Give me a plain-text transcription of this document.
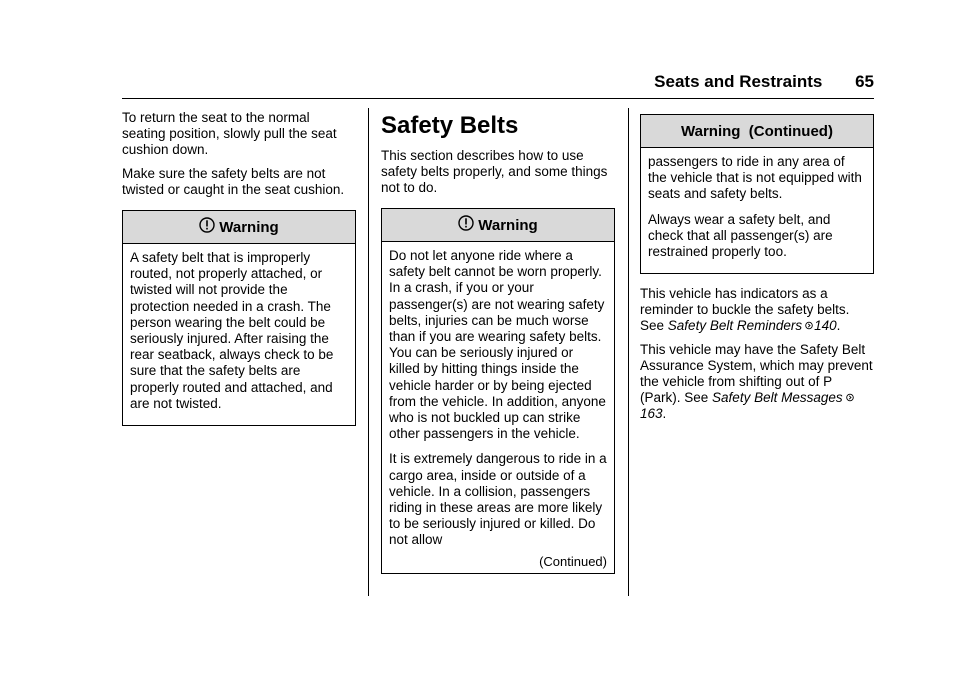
Seats and Restraints 65

To return the seat to the normal seating position, slowly pull the seat cushion down.

Make sure the safety belts are not twisted or caught in the seat cushion.

Warning

A safety belt that is improperly routed, not properly attached, or twisted will not provide the protection needed in a crash. The person wearing the belt could be seriously injured. After raising the rear seatback, always check to be sure that the safety belts are properly routed and attached, and are not twisted.

Safety Belts

This section describes how to use safety belts properly, and some things not to do.

Warning

Do not let anyone ride where a safety belt cannot be worn properly. In a crash, if you or your passenger(s) are not wearing safety belts, injuries can be much worse than if you are wearing safety belts. You can be seriously injured or killed by hitting things inside the vehicle harder or by being ejected from the vehicle. In addition, anyone who is not buckled up can strike other passengers in the vehicle.

It is extremely dangerous to ride in a cargo area, inside or outside of a vehicle. In a collision, passengers riding in these areas are more likely to be seriously injured or killed. Do not allow

(Continued)
Warning  (Continued)

passengers to ride in any area of the vehicle that is not equipped with seats and safety belts.

Always wear a safety belt, and check that all passenger(s) are restrained properly too.

This vehicle has indicators as a reminder to buckle the safety belts. See Safety Belt Reminders 140.

This vehicle may have the Safety Belt Assurance System, which may prevent the vehicle from shifting out of P (Park). See Safety Belt Messages163.
